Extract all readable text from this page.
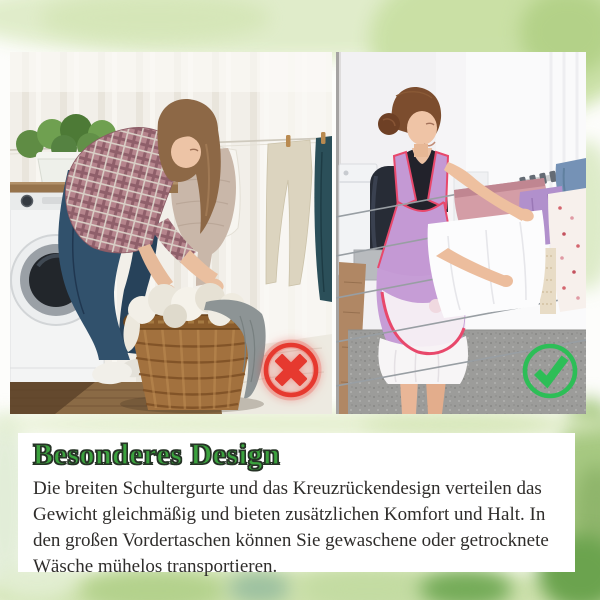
Besonderes Design

Die breiten Schultergurte und das Kreuzrückendesign verteilen das Gewicht gleichmäßig und bieten zusätzlichen Komfort und Halt. In den großen Vordertaschen können Sie gewaschene oder getrocknete Wäsche mühelos transportieren.
